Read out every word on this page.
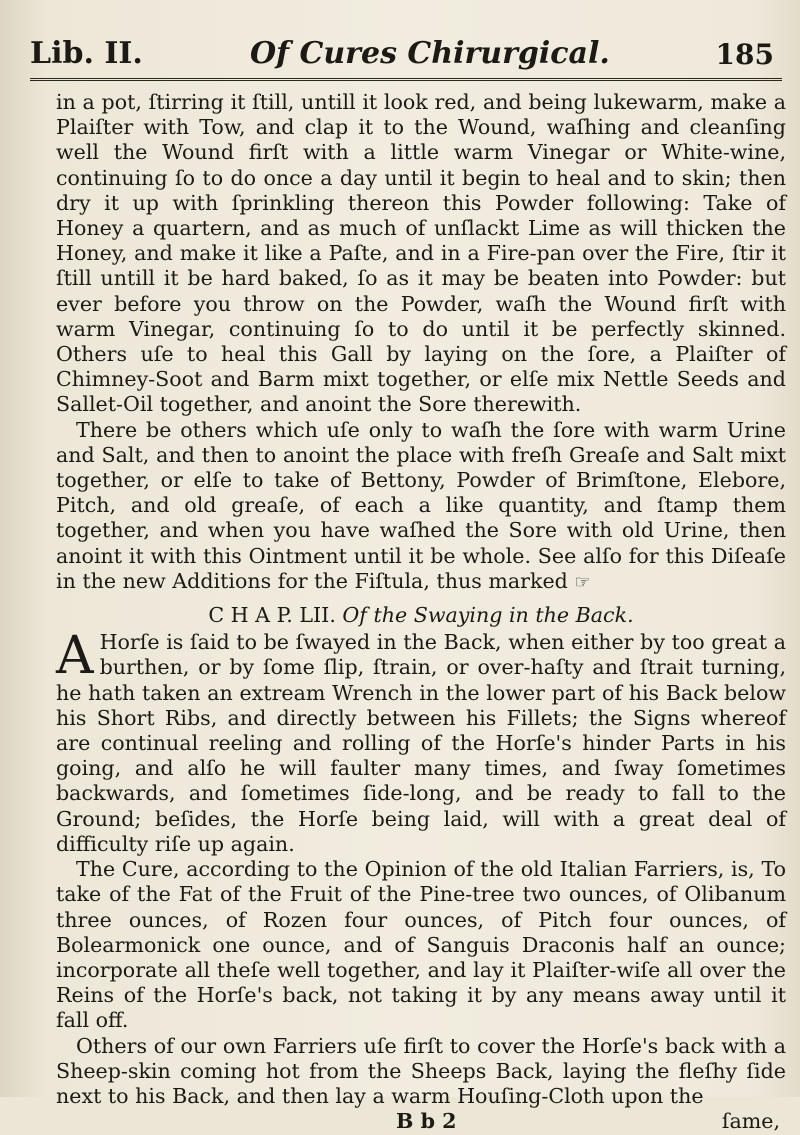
Lib. II.	Of Cures Chirurgical.	185

in a pot, ſtirring it ſtill, untill it look red, and being lukewarm, make a Plaiſter with Tow, and clap it to the Wound, waſhing and cleanſing well the Wound firſt with a little warm Vinegar or White-wine, continuing ſo to do once a day until it begin to heal and to skin; then dry it up with ſprinkling thereon this Powder following: Take of Honey a quartern, and as much of unſlackt Lime as will thicken the Honey, and make it like a Paſte, and in a Fire-pan over the Fire, ſtir it ſtill untill it be hard baked, ſo as it may be beaten into Powder: but ever before you throw on the Powder, waſh the Wound firſt with warm Vinegar, continuing ſo to do until it be perfectly skinned. Others uſe to heal this Gall by laying on the ſore, a Plaiſter of Chimney-Soot and Barm mixt together, or elſe mix Nettle Seeds and Sallet-Oil together, and anoint the Sore therewith.

There be others which uſe only to waſh the ſore with warm Urine and Salt, and then to anoint the place with freſh Greaſe and Salt mixt together, or elſe to take of Bettony, Powder of Brimſtone, Elebore, Pitch, and old greaſe, of each a like quantity, and ſtamp them together, and when you have waſhed the Sore with old Urine, then anoint it with this Ointment until it be whole. See alſo for this Diſeaſe in the new Additions for the Fiſtula, thus marked ☞

C H A P. LII. Of the Swaying in the Back.

A Horſe is ſaid to be ſwayed in the Back, when either by too great a burthen, or by ſome ſlip, ſtrain, or over-haſty and ſtrait turning, he hath taken an extream Wrench in the lower part of his Back below his Short Ribs, and directly between his Fillets; the Signs whereof are continual reeling and rolling of the Horſe's hinder Parts in his going, and alſo he will faulter many times, and ſway ſometimes backwards, and ſometimes ſide-long, and be ready to fall to the Ground; beſides, the Horſe being laid, will with a great deal of difficulty riſe up again.

The Cure, according to the Opinion of the old Italian Farriers, is, To take of the Fat of the Fruit of the Pine-tree two ounces, of Olibanum three ounces, of Rozen four ounces, of Pitch four ounces, of Bolearmonick one ounce, and of Sanguis Draconis half an ounce; incorporate all theſe well together, and lay it Plaiſter-wiſe all over the Reins of the Horſe's back, not taking it by any means away until it fall off.

Others of our own Farriers uſe firſt to cover the Horſe's back with a Sheep-skin coming hot from the Sheeps Back, laying the fleſhy ſide next to his Back, and then lay a warm Houſing-Cloth upon the

B b 2	ſame,
